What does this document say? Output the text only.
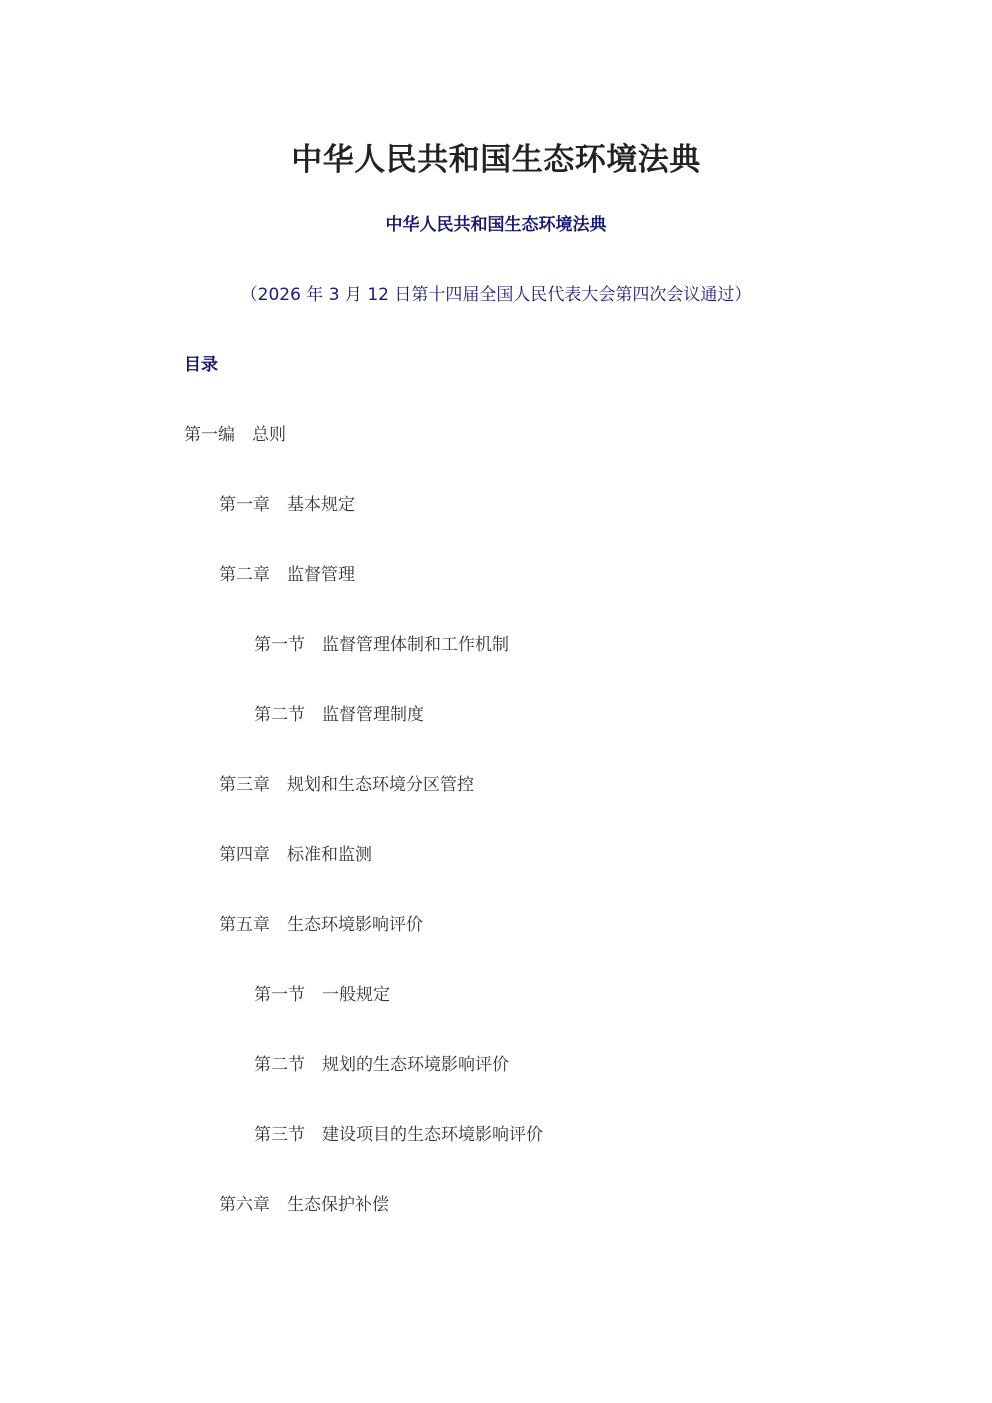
中华人民共和国生态环境法典
中华人民共和国生态环境法典
（2026 年 3 月 12 日第十四届全国人民代表大会第四次会议通过）
目录
第一编 总则
第一章 基本规定
第二章 监督管理
第一节 监督管理体制和工作机制
第二节 监督管理制度
第三章 规划和生态环境分区管控
第四章 标准和监测
第五章 生态环境影响评价
第一节 一般规定
第二节 规划的生态环境影响评价
第三节 建设项目的生态环境影响评价
第六章 生态保护补偿
